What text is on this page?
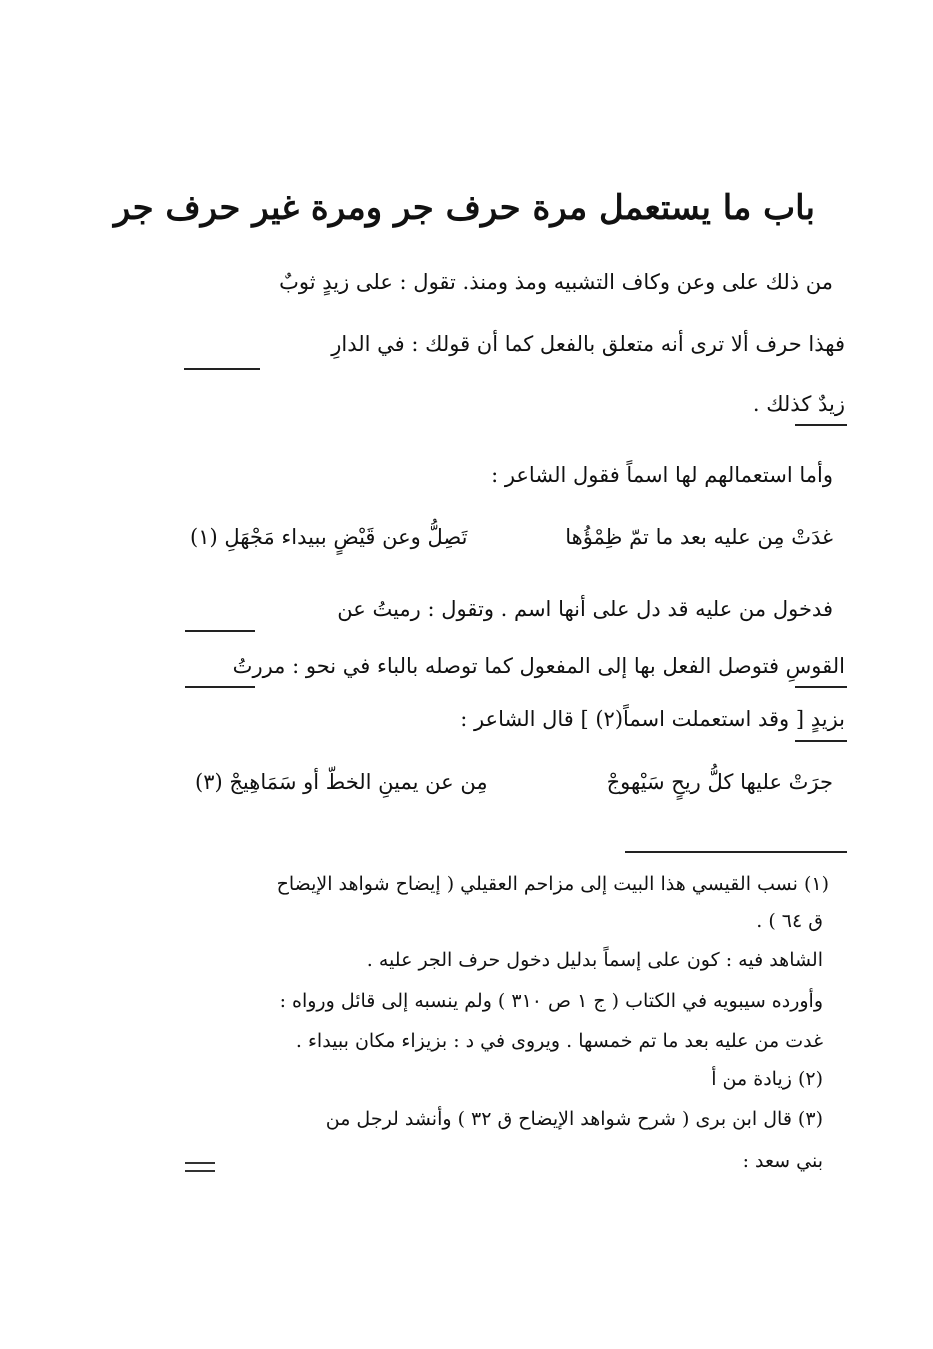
باب ما يستعمل مرة حرف جر ومرة غير حرف جر
من ذلك على وعن وكاف التشبيه ومذ ومنذ. تقول : على زيدٍ ثوبٌ
فهذا حرف ألا ترى أنه متعلق بالفعل كما أن قولك : في الدارِ
زيدٌ كذلك .
وأما استعمالهم لها اسماً فقول الشاعر :
غدَتْ مِن عليه بعد ما تمّ ظِمْؤُها
تَصِلُّ وعن قَيْضٍ ببيداء مَجْهَلِ (١)
فدخول من عليه قد دل على أنها اسم . وتقول : رميتُ عن
القوسِ فتوصل الفعل بها إلى المفعول كما توصله بالباء في نحو : مررتُ
بزيدٍ [ وقد استعملت اسماً(٢) ] قال الشاعر :
جرَتْ عليها كلُّ ريحٍ سَيْهوجْ
مِن عن يمينِ الخطّ أو سَمَاهِيجْ (٣)
(١) نسب القيسي هذا البيت إلى مزاحم العقيلي ( إيضاح شواهد الإيضاح
ق ٦٤ ) .
الشاهد فيه : كون على إسماً بدليل دخول حرف الجر عليه .
وأورده سيبويه في الكتاب ( ج ١ ص ٣١٠ ) ولم ينسبه إلى قائل ورواه :
غدت من عليه بعد ما تم خمسها . ويروى في د : بزيزاء مكان ببيداء .
(٢) زيادة من أ
(٣) قال ابن برى ( شرح شواهد الإيضاح ق ٣٢ ) وأنشد لرجل من
بني سعد :
